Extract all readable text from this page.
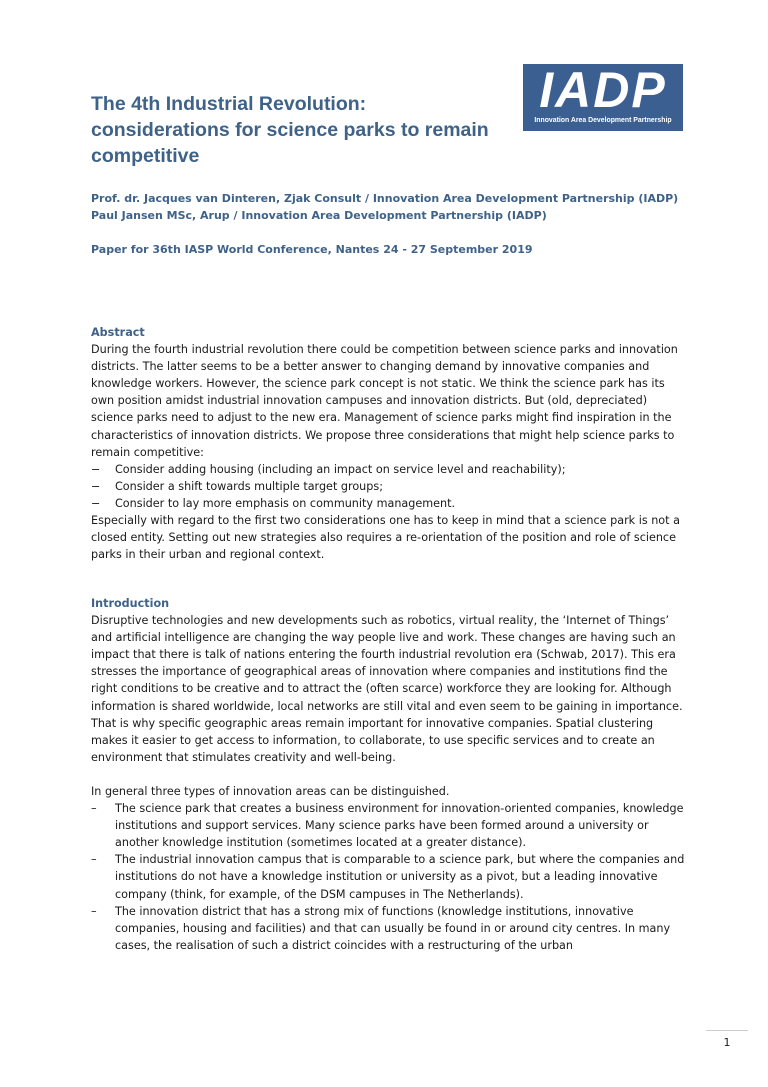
The 4th Industrial Revolution: considerations for science parks to remain competitive
IADP
Innovation Area Development Partnership
Prof. dr. Jacques van Dinteren, Zjak Consult / Innovation Area Development Partnership (IADP)
Paul Jansen MSc, Arup / Innovation Area Development Partnership (IADP)
Paper for 36th IASP World Conference, Nantes 24 - 27 September 2019
Abstract
During the fourth industrial revolution there could be competition between science parks and innovation districts. The latter seems to be a better answer to changing demand by innovative companies and knowledge workers. However, the science park concept is not static. We think the science park has its own position amidst industrial innovation campuses and innovation districts. But (old, depreciated) science parks need to adjust to the new era. Management of science parks might find inspiration in the characteristics of innovation districts. We propose three considerations that might help science parks to remain competitive:
− Consider adding housing (including an impact on service level and reachability);
− Consider a shift towards multiple target groups;
− Consider to lay more emphasis on community management.
Especially with regard to the first two considerations one has to keep in mind that a science park is not a closed entity. Setting out new strategies also requires a re-orientation of the position and role of science parks in their urban and regional context.
Introduction
Disruptive technologies and new developments such as robotics, virtual reality, the ‘Internet of Things’ and artificial intelligence are changing the way people live and work. These changes are having such an impact that there is talk of nations entering the fourth industrial revolution era (Schwab, 2017). This era stresses the importance of geographical areas of innovation where companies and institutions find the right conditions to be creative and to attract the (often scarce) workforce they are looking for. Although information is shared worldwide, local networks are still vital and even seem to be gaining in importance. That is why specific geographic areas remain important for innovative companies. Spatial clustering makes it easier to get access to information, to collaborate, to use specific services and to create an environment that stimulates creativity and well-being.
In general three types of innovation areas can be distinguished.
– The science park that creates a business environment for innovation-oriented companies, knowledge institutions and support services. Many science parks have been formed around a university or another knowledge institution (sometimes located at a greater distance).
– The industrial innovation campus that is comparable to a science park, but where the companies and institutions do not have a knowledge institution or university as a pivot, but a leading innovative company (think, for example, of the DSM campuses in The Netherlands).
– The innovation district that has a strong mix of functions (knowledge institutions, innovative companies, housing and facilities) and that can usually be found in or around city centres. In many cases, the realisation of such a district coincides with a restructuring of the urban
1
